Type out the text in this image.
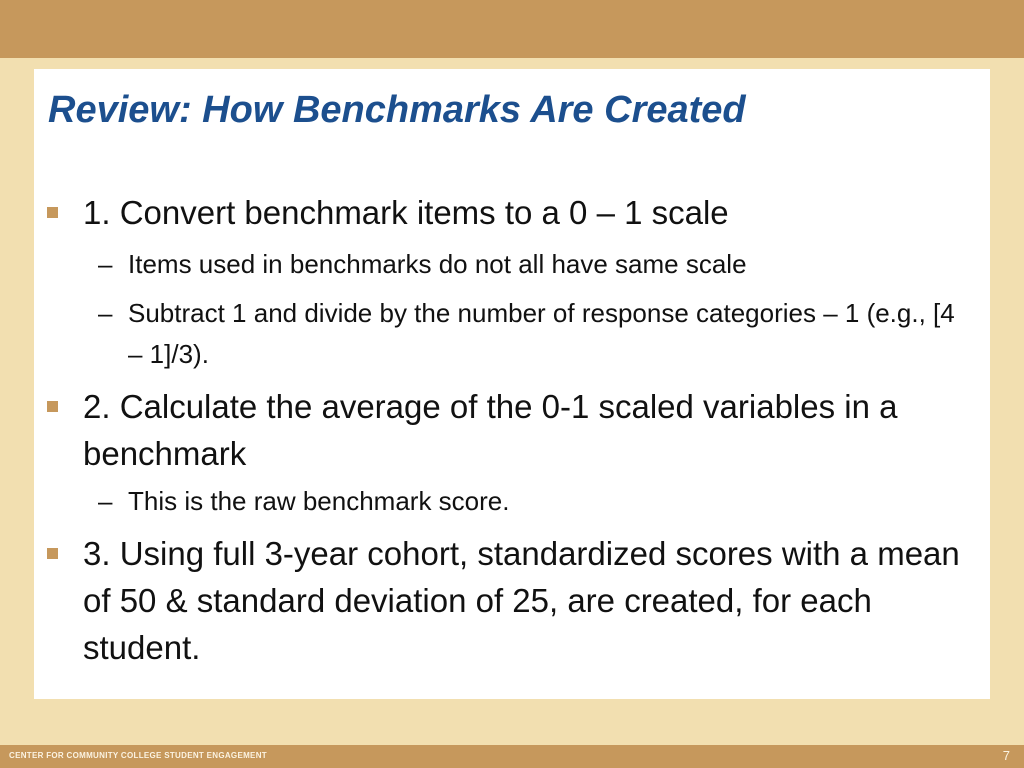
Review: How Benchmarks Are Created
1. Convert benchmark items to a 0 – 1 scale
– Items used in benchmarks do not all have same scale
– Subtract 1 and divide by the number of response categories – 1 (e.g., [4 – 1]/3).
2. Calculate the average of the 0-1 scaled variables in a benchmark
– This is the raw benchmark score.
3. Using full 3-year cohort, standardized scores with a mean of 50 & standard deviation of 25, are created, for each student.
CENTER FOR COMMUNITY COLLEGE STUDENT ENGAGEMENT	7
